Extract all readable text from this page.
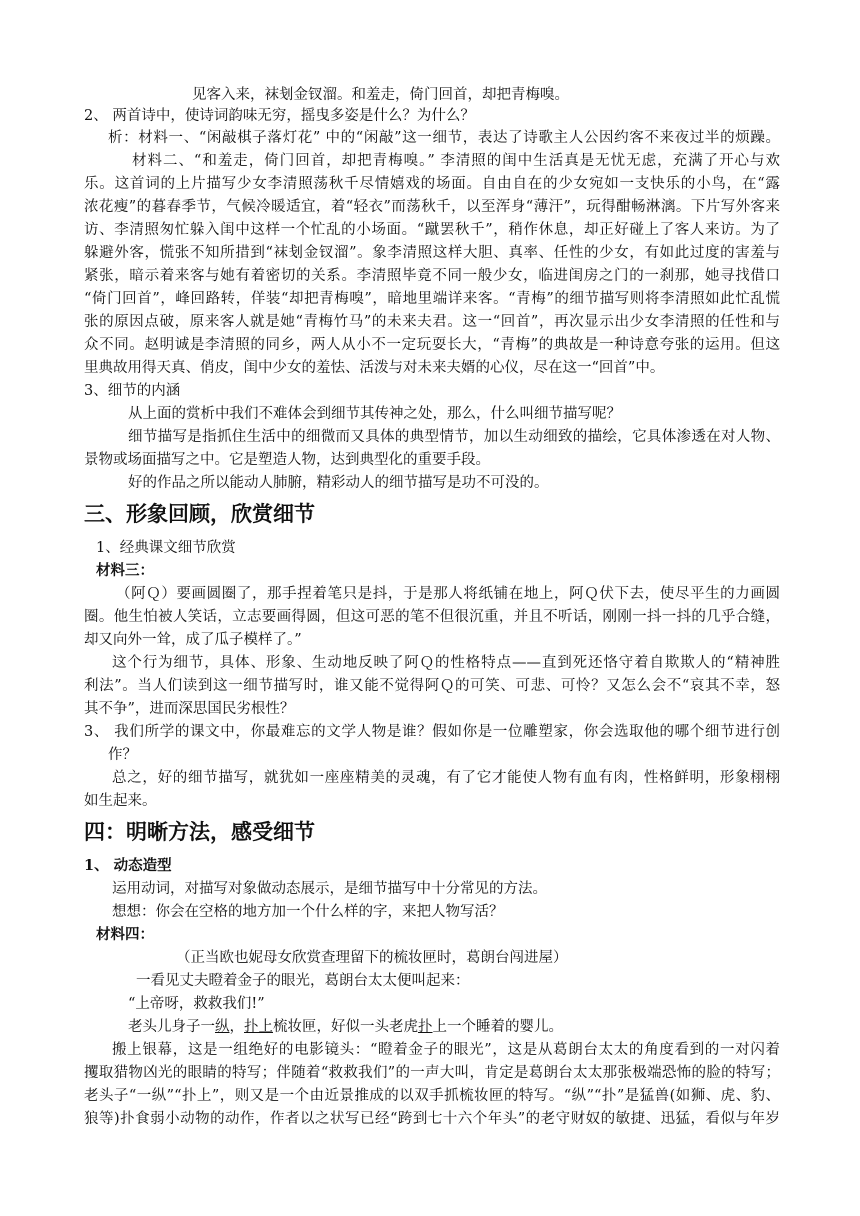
见客入来，袜刬金钗溜。和羞走，倚门回首，却把青梅嗅。
2、 两首诗中，使诗词韵味无穷，摇曳多姿是什么？为什么？
析：材料一、“闲敲棋子落灯花” 中的“闲敲”这一细节，表达了诗歌主人公因约客不来夜过半的烦躁。
材料二、“和羞走，倚门回首，却把青梅嗅。” 李清照的闺中生活真是无忧无虑，充满了开心与欢
乐。这首词的上片描写少女李清照荡秋千尽情嬉戏的场面。自由自在的少女宛如一支快乐的小鸟，在“露
浓花瘦”的暮春季节，气候冷暖适宜，着“轻衣”而荡秋千，以至浑身“薄汗”，玩得酣畅淋漓。下片写外客来
访、李清照匆忙躲入闺中这样一个忙乱的小场面。“蹴罢秋千”，稍作休息，却正好碰上了客人来访。为了
躲避外客，慌张不知所措到“袜刬金钗溜”。象李清照这样大胆、真率、任性的少女，有如此过度的害羞与
紧张，暗示着来客与她有着密切的关系。李清照毕竟不同一般少女，临进闺房之门的一刹那，她寻找借口
“倚门回首”，峰回路转，佯装“却把青梅嗅”，暗地里端详来客。“青梅”的细节描写则将李清照如此忙乱慌
张的原因点破，原来客人就是她“青梅竹马”的未来夫君。这一“回首”，再次显示出少女李清照的任性和与
众不同。赵明诚是李清照的同乡，两人从小不一定玩耍长大，“青梅”的典故是一种诗意夸张的运用。但这
里典故用得天真、俏皮，闺中少女的羞怯、活泼与对未来夫婿的心仪，尽在这一“回首”中。
3、细节的内涵
从上面的赏析中我们不难体会到细节其传神之处，那么，什么叫细节描写呢？
细节描写是指抓住生活中的细微而又具体的典型情节，加以生动细致的描绘，它具体渗透在对人物、
景物或场面描写之中。它是塑造人物，达到典型化的重要手段。
好的作品之所以能动人肺腑，精彩动人的细节描写是功不可没的。
三、形象回顾，欣赏细节
1、经典课文细节欣赏
材料三：
（阿Ｑ）要画圆圈了，那手捏着笔只是抖，于是那人将纸铺在地上，阿Ｑ伏下去，使尽平生的力画圆
圈。他生怕被人笑话，立志要画得圆，但这可恶的笔不但很沉重，并且不听话，刚刚一抖一抖的几乎合缝，
却又向外一耸，成了瓜子模样了。”
这个行为细节，具体、形象、生动地反映了阿Ｑ的性格特点——直到死还恪守着自欺欺人的“精神胜
利法”。当人们读到这一细节描写时，谁又能不觉得阿Ｑ的可笑、可悲、可怜？又怎么会不“哀其不幸，怒
其不争”，进而深思国民劣根性？
3、 我们所学的课文中，你最难忘的文学人物是谁？假如你是一位雕塑家，你会选取他的哪个细节进行创
作？
总之，好的细节描写，就犹如一座座精美的灵魂，有了它才能使人物有血有肉，性格鲜明，形象栩栩
如生起来。
四：明晰方法，感受细节
1、 动态造型
运用动词，对描写对象做动态展示，是细节描写中十分常见的方法。
想想：你会在空格的地方加一个什么样的字，来把人物写活？
材料四：
（正当欧也妮母女欣赏查理留下的梳妆匣时，葛朗台闯进屋）
一看见丈夫瞪着金子的眼光，葛朗台太太便叫起来：
“上帝呀，救救我们!”
老头儿身子一纵，扑上梳妆匣，好似一头老虎扑上一个睡着的婴儿。
搬上银幕，这是一组绝好的电影镜头：“瞪着金子的眼光”，这是从葛朗台太太的角度看到的一对闪着
攫取猎物凶光的眼睛的特写；伴随着“救救我们”的一声大叫，肯定是葛朗台太太那张极端恐怖的脸的特写；
老头子“一纵”“扑上”，则又是一个由近景推成的以双手抓梳妆匣的特写。“纵”“扑”是猛兽(如狮、虎、豹、
狼等)扑食弱小动物的动作，作者以之状写已经“跨到七十六个年头”的老守财奴的敏捷、迅猛，看似与年岁
